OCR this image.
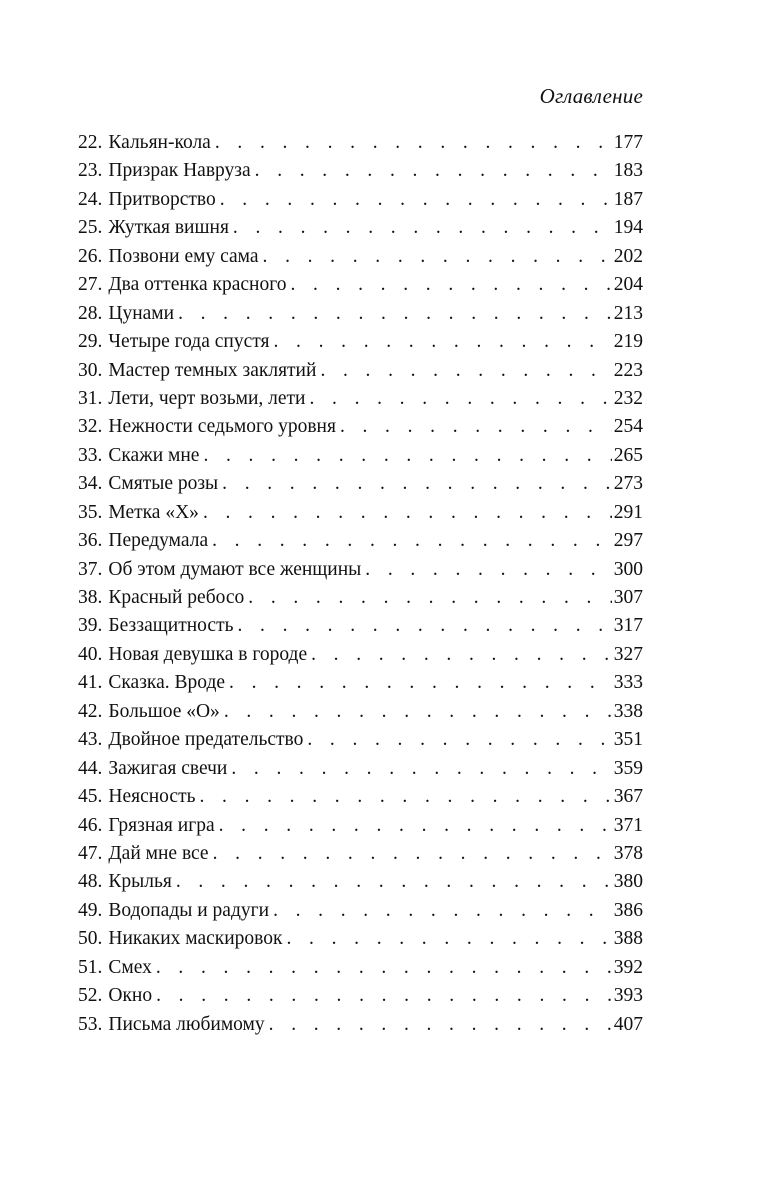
Оглавление
22. Кальян-кола . . .	177
23. Призрак Навруза . . .	183
24. Притворство . . .	187
25. Жуткая вишня . . .	194
26. Позвони ему сама . . .	202
27. Два оттенка красного . . .	204
28. Цунами . . .	213
29. Четыре года спустя . . .	219
30. Мастер темных заклятий . . .	223
31. Лети, черт возьми, лети . . .	232
32. Нежности седьмого уровня . . .	254
33. Скажи мне . . .	265
34. Смятые розы . . .	273
35. Метка «Х» . . .	291
36. Передумала . . .	297
37. Об этом думают все женщины . . .	300
38. Красный ребосо . . .	307
39. Беззащитность . . .	317
40. Новая девушка в городе . . .	327
41. Сказка. Вроде . . .	333
42. Большое «О» . . .	338
43. Двойное предательство . . .	351
44. Зажигая свечи . . .	359
45. Неясность . . .	367
46. Грязная игра . . .	371
47. Дай мне все . . .	378
48. Крылья . . .	380
49. Водопады и радуги . . .	386
50. Никаких маскировок . . .	388
51. Смех . . .	392
52. Окно . . .	393
53. Письма любимому . . .	407
